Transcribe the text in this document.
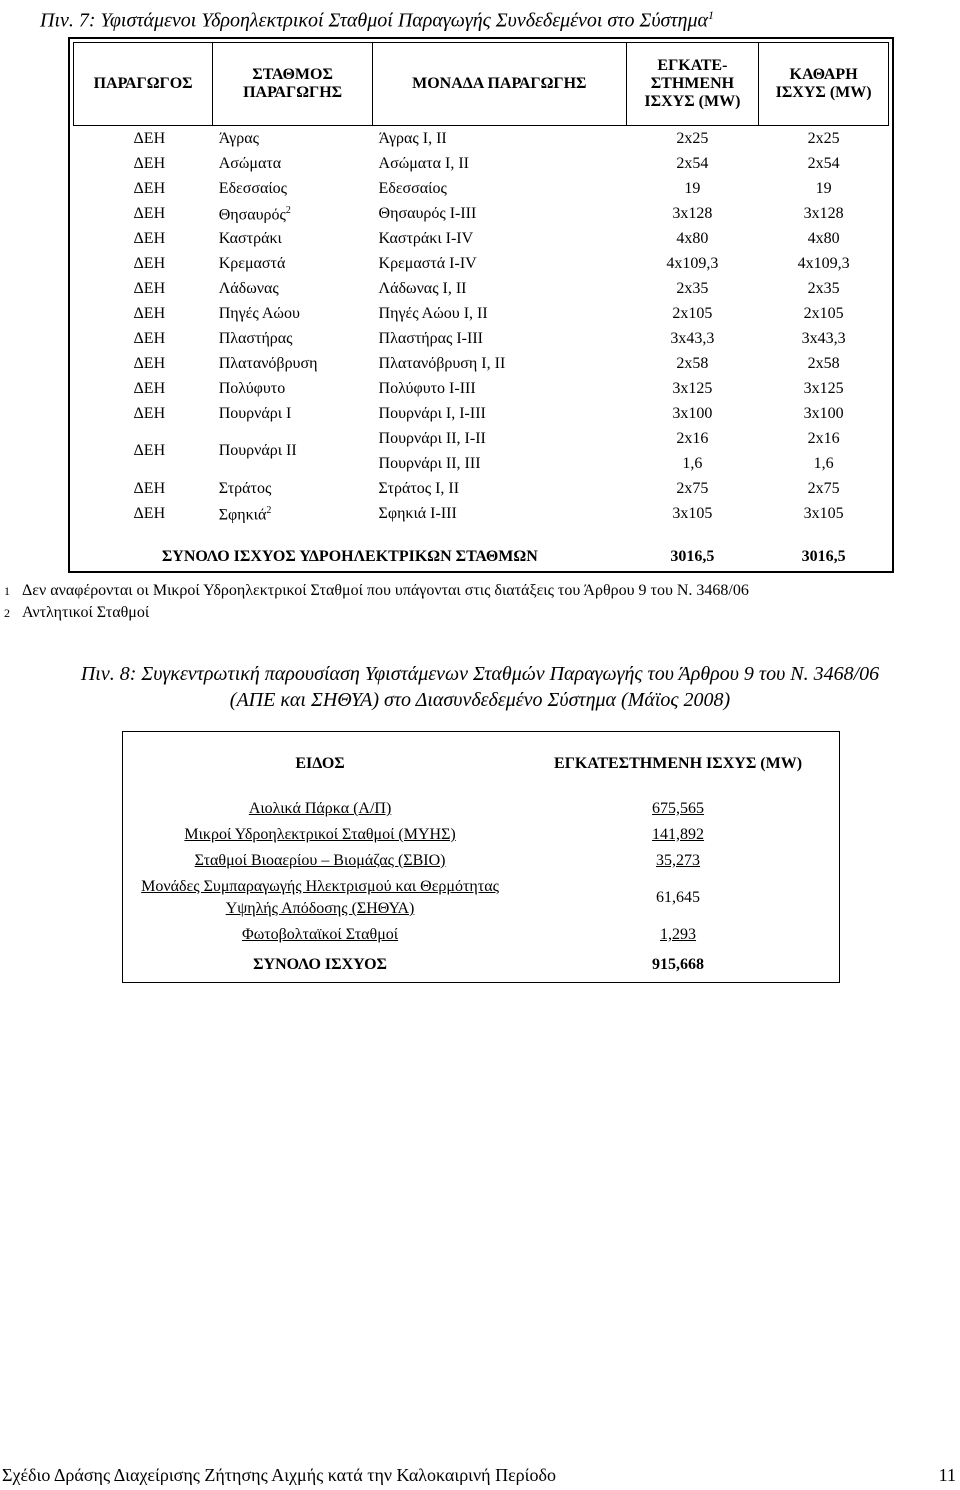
Πιν. 7: Υφιστάμενοι Υδροηλεκτρικοί Σταθμοί Παραγωγής Συνδεδεμένοι στο Σύστημα$^1$
ΠΑΡΑΓΩΓΟΣ	ΣΤΑΘΜΟΣ ΠΑΡΑΓΩΓΗΣ	ΜΟΝΑΔΑ ΠΑΡΑΓΩΓΗΣ	ΕΓΚΑΤΕ-ΣΤΗΜΕΝΗ ΙΣΧΥΣ (MW)	ΚΑΘΑΡΗ ΙΣΧΥΣ (MW)
ΔΕΗ	Άγρας	Άγρας Ι, ΙΙ	2x25	2x25
ΔΕΗ	Ασώματα	Ασώματα Ι, ΙΙ	2x54	2x54
ΔΕΗ	Εδεσσαίος	Εδεσσαίος	19	19
ΔΕΗ	Θησαυρός$^2$	Θησαυρός Ι-ΙΙΙ	3x128	3x128
ΔΕΗ	Καστράκι	Καστράκι Ι-ΙV	4x80	4x80
ΔΕΗ	Κρεμαστά	Κρεμαστά Ι-ΙV	4x109,3	4x109,3
ΔΕΗ	Λάδωνας	Λάδωνας Ι, ΙΙ	2x35	2x35
ΔΕΗ	Πηγές Αώου	Πηγές Αώου Ι, ΙΙ	2x105	2x105
ΔΕΗ	Πλαστήρας	Πλαστήρας Ι-ΙΙΙ	3x43,3	3x43,3
ΔΕΗ	Πλατανόβρυση	Πλατανόβρυση Ι, ΙΙ	2x58	2x58
ΔΕΗ	Πολύφυτο	Πολύφυτο Ι-ΙΙΙ	3x125	3x125
ΔΕΗ	Πουρνάρι Ι	Πουρνάρι Ι, Ι-ΙΙΙ	3x100	3x100
ΔΕΗ	Πουρνάρι ΙΙ	Πουρνάρι ΙΙ, Ι-ΙΙ	2x16	2x16
		Πουρνάρι ΙΙ, ΙΙΙ	1,6	1,6
ΔΕΗ	Στράτος	Στράτος Ι, ΙΙ	2x75	2x75
ΔΕΗ	Σφηκιά$^2$	Σφηκιά Ι-ΙΙΙ	3x105	3x105
ΣΥΝΟΛΟ ΙΣΧΥΟΣ ΥΔΡΟΗΛΕΚΤΡΙΚΩΝ ΣΤΑΘΜΩΝ			3016,5	3016,5
1 Δεν αναφέρονται οι Μικροί Υδροηλεκτρικοί Σταθμοί που υπάγονται στις διατάξεις του Άρθρου 9 του Ν. 3468/06
2 Αντλητικοί Σταθμοί
Πιν. 8: Συγκεντρωτική παρουσίαση Υφιστάμενων Σταθμών Παραγωγής του Άρθρου 9 του Ν. 3468/06
(ΑΠΕ και ΣΗΘΥΑ) στο Διασυνδεδεμένο Σύστημα (Μάϊος 2008)
ΕΙΔΟΣ	ΕΓΚΑΤΕΣΤΗΜΕΝΗ ΙΣΧΥΣ (MW)
Αιολικά Πάρκα (Α/Π)	675,565
Μικροί Υδροηλεκτρικοί Σταθμοί (ΜΥΗΣ)	141,892
Σταθμοί Βιοαερίου – Βιομάζας (ΣΒΙΟ)	35,273
Μονάδες Συμπαραγωγής Ηλεκτρισμού και Θερμότητας Υψηλής Απόδοσης (ΣΗΘΥΑ)	61,645
Φωτοβολταϊκοί Σταθμοί	1,293
ΣΥΝΟΛΟ ΙΣΧΥΟΣ	915,668
Σχέδιο Δράσης Διαχείρισης Ζήτησης Αιχμής κατά την Καλοκαιρινή Περίοδο	11
